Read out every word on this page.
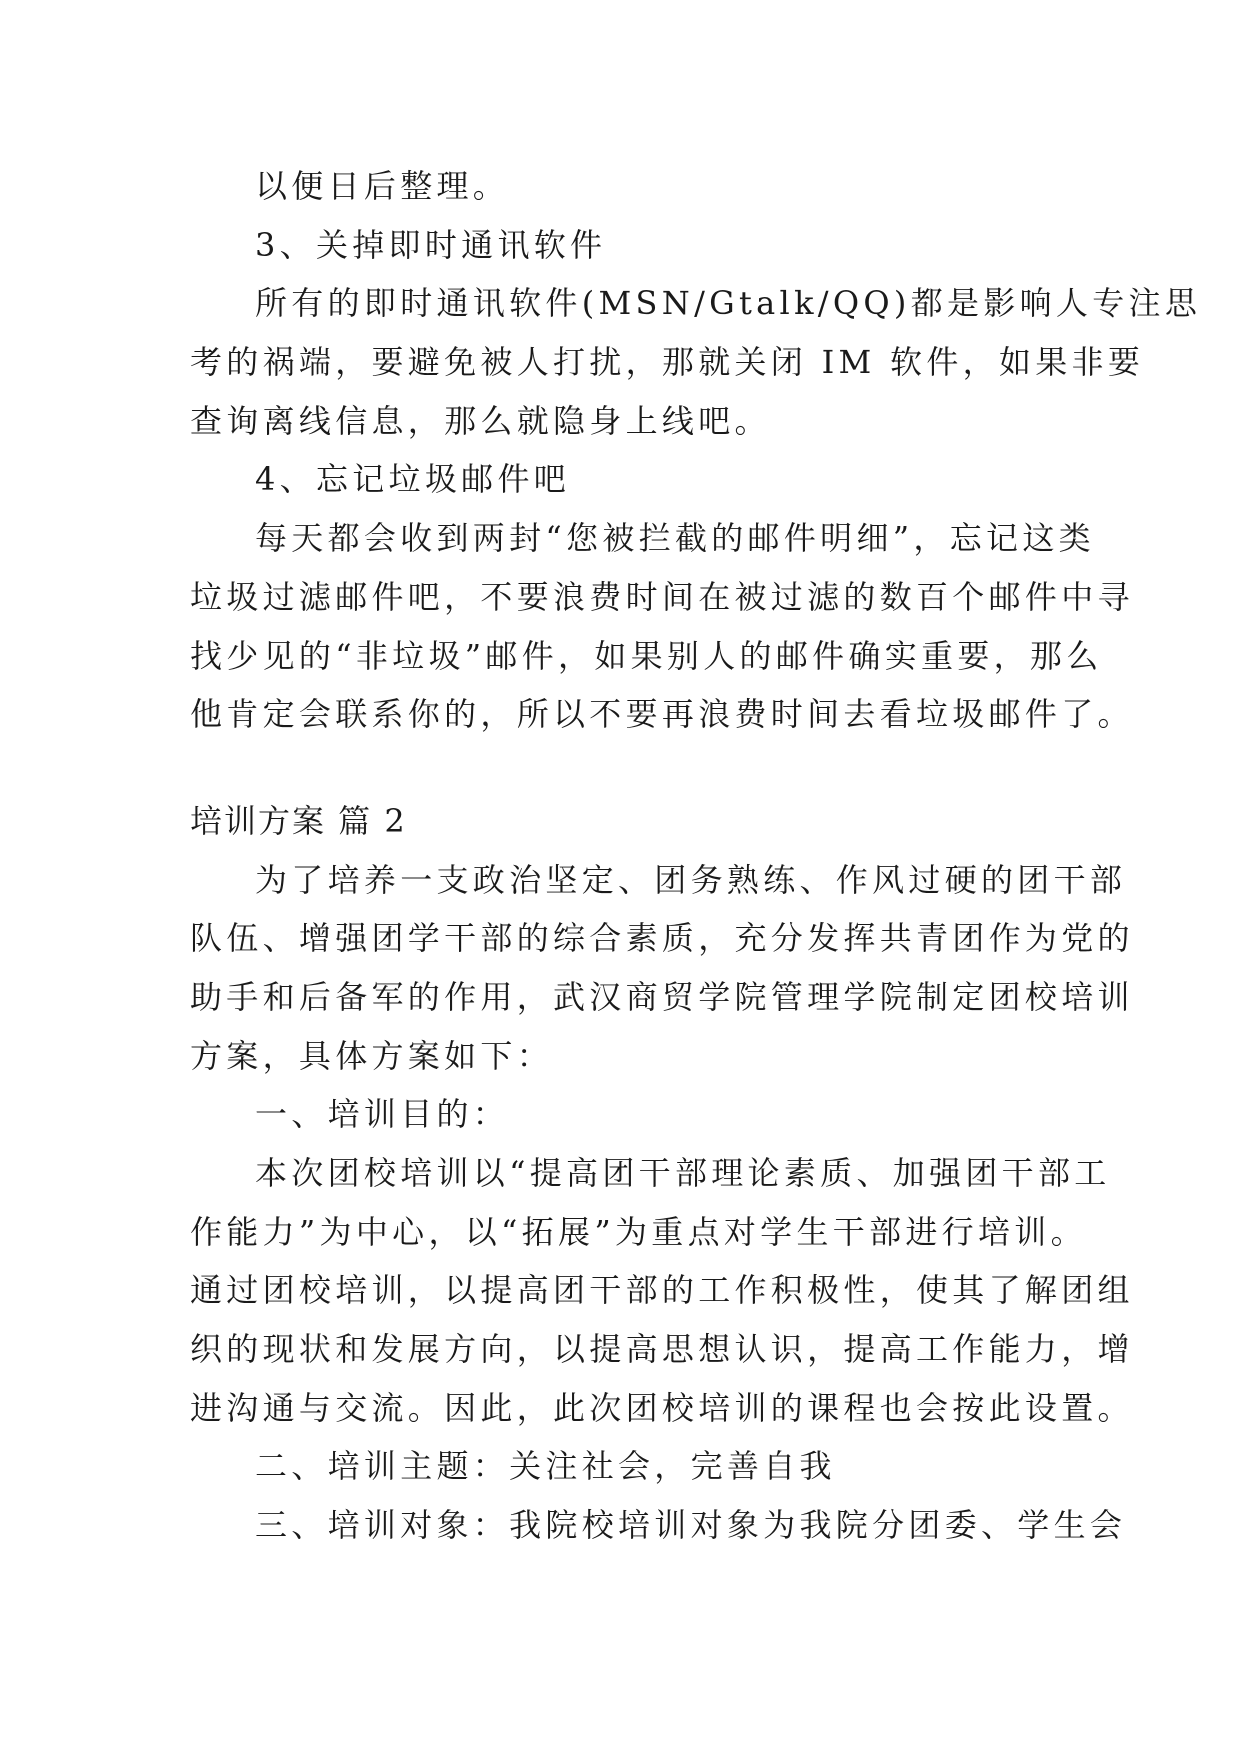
以便日后整理。
3、关掉即时通讯软件
所有的即时通讯软件(MSN/Gtalk/QQ)都是影响人专注思
考的祸端，要避免被人打扰，那就关闭 IM 软件，如果非要
查询离线信息，那么就隐身上线吧。
4、忘记垃圾邮件吧
每天都会收到两封“您被拦截的邮件明细”，忘记这类
垃圾过滤邮件吧，不要浪费时间在被过滤的数百个邮件中寻
找少见的“非垃圾”邮件，如果别人的邮件确实重要，那么
他肯定会联系你的，所以不要再浪费时间去看垃圾邮件了。
培训方案 篇 2
为了培养一支政治坚定、团务熟练、作风过硬的团干部
队伍、增强团学干部的综合素质，充分发挥共青团作为党的
助手和后备军的作用，武汉商贸学院管理学院制定团校培训
方案，具体方案如下：
一、培训目的：
本次团校培训以“提高团干部理论素质、加强团干部工
作能力”为中心，以“拓展”为重点对学生干部进行培训。
通过团校培训，以提高团干部的工作积极性，使其了解团组
织的现状和发展方向，以提高思想认识，提高工作能力，增
进沟通与交流。因此，此次团校培训的课程也会按此设置。
二、培训主题：关注社会，完善自我
三、培训对象：我院校培训对象为我院分团委、学生会
